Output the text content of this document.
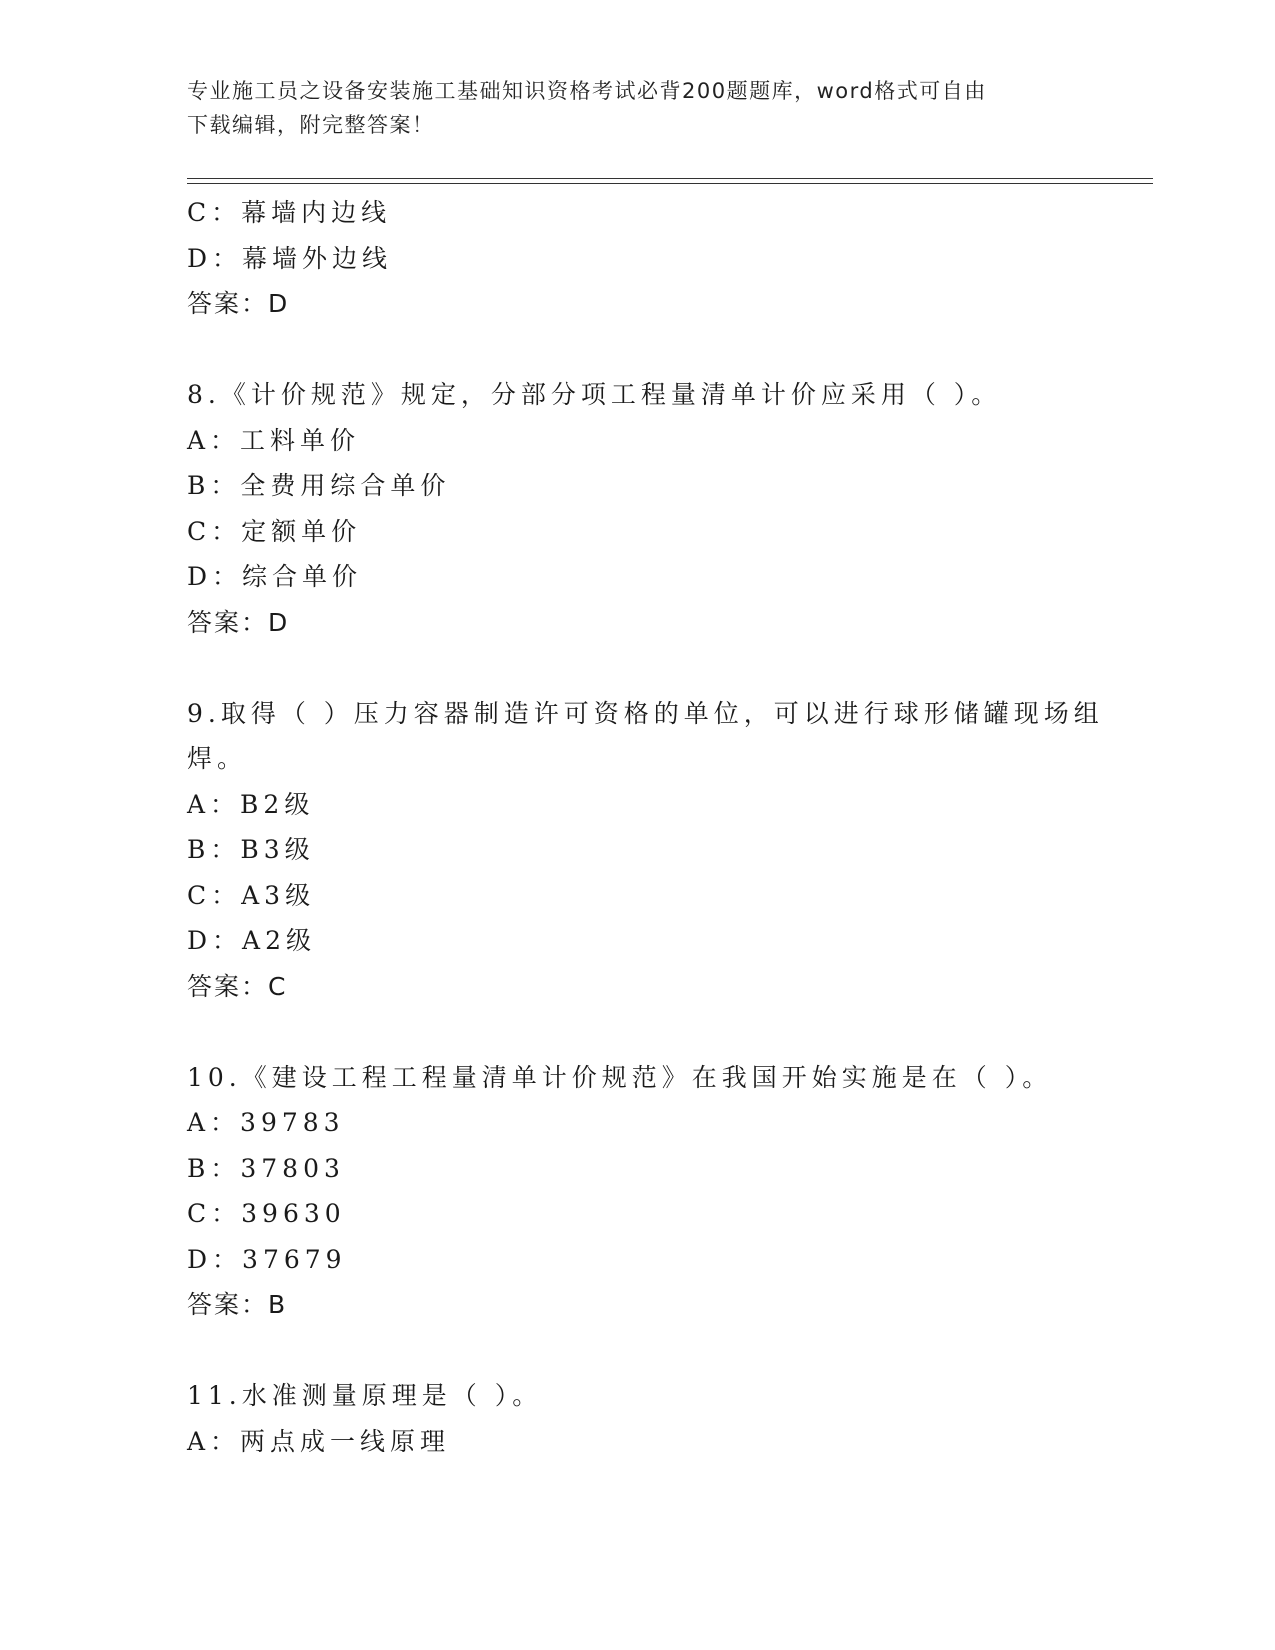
专业施工员之设备安装施工基础知识资格考试必背200题题库，word格式可自由
下载编辑，附完整答案！
C：幕墙内边线
D：幕墙外边线
答案：D
8.《计价规范》规定，分部分项工程量清单计价应采用（ ）。
A：工料单价
B：全费用综合单价
C：定额单价
D：综合单价
答案：D
9.取得（ ）压力容器制造许可资格的单位，可以进行球形储罐现场组
焊。
A：B2级
B：B3级
C：A3级
D：A2级
答案：C
10.《建设工程工程量清单计价规范》在我国开始实施是在（ ）。
A：39783
B：37803
C：39630
D：37679
答案：B
11.水准测量原理是（ ）。
A：两点成一线原理
